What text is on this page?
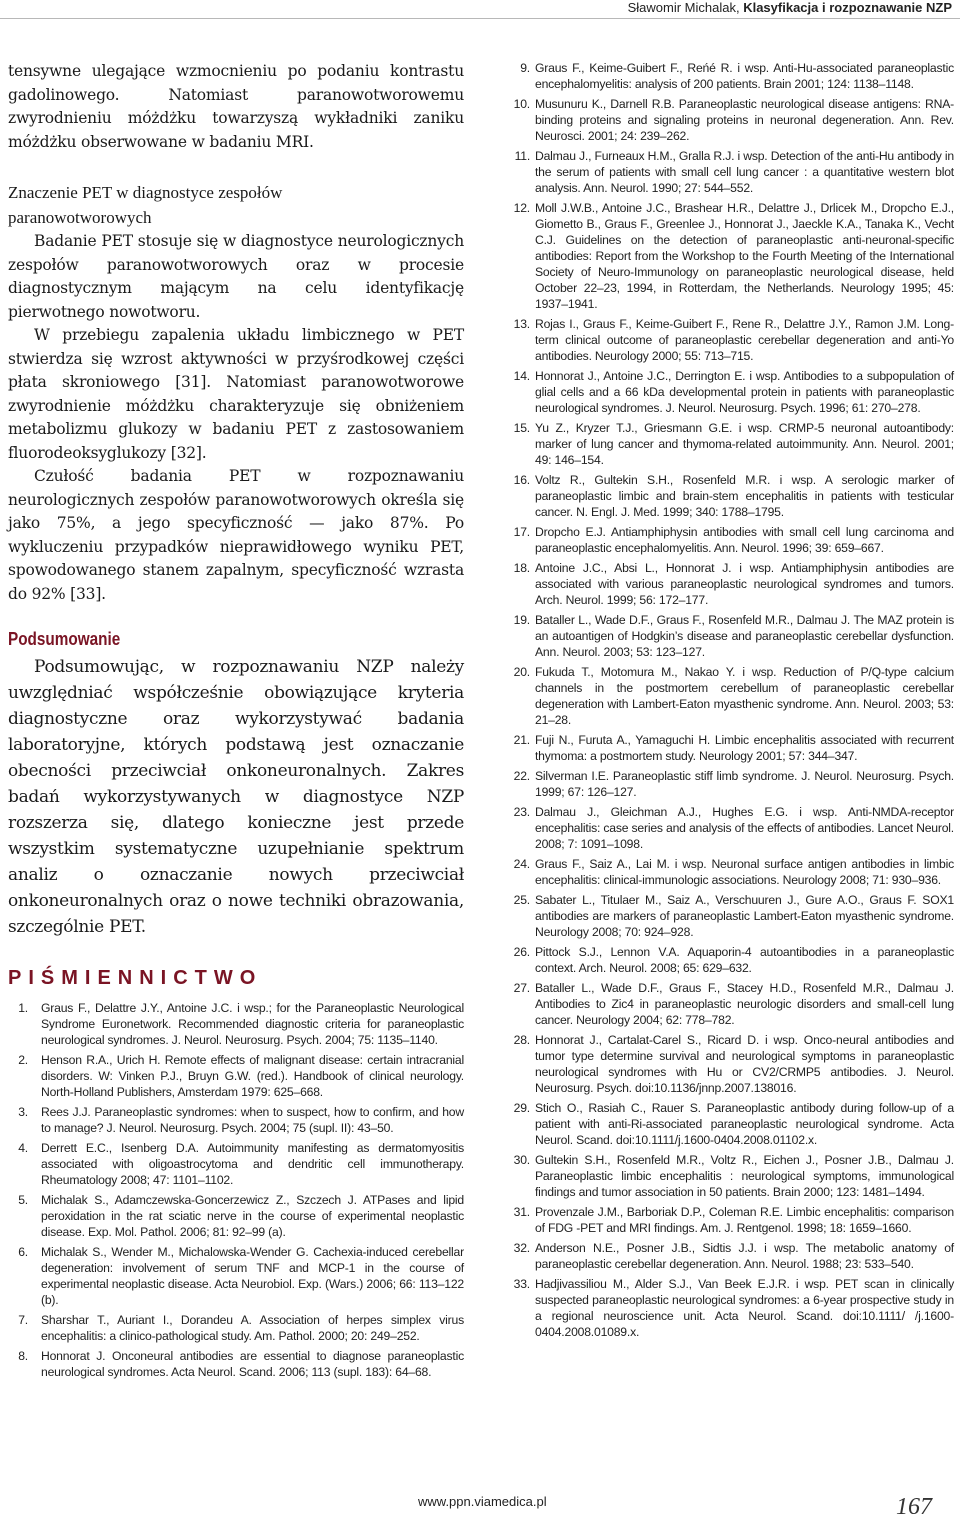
Sławomir Michalak, Klasyfikacja i rozpoznawanie NZP

tensywne ulegające wzmocnieniu po podaniu kontrastu gadolinowego. Natomiast paranowotworowemu zwyrodnieniu móżdżku towarzyszą wykładniki zaniku móżdżku obserwowane w badaniu MRI.

Znaczenie PET w diagnostyce zespołów

paranowotworowych

Badanie PET stosuje się w diagnostyce neurologicznych zespołów paranowotworowych oraz w procesie diagnostycznym mającym na celu identyfikację pierwotnego nowotworu.

W przebiegu zapalenia układu limbicznego w PET stwierdza się wzrost aktywności w przyśrodkowej części płata skroniowego [31]. Natomiast paranowotworowe zwyrodnienie móżdżku charakteryzuje się obniżeniem metabolizmu glukozy w badaniu PET z zastosowaniem fluorodeoksyglukozy [32].

Czułość badania PET w rozpoznawaniu neurologicznych zespołów paranowotworowych określa się jako 75%, a jego specyficzność — jako 87%. Po wykluczeniu przypadków nieprawidłowego wyniku PET, spowodowanego stanem zapalnym, specyficzność wzrasta do 92% [33].

Podsumowanie

Podsumowując, w rozpoznawaniu NZP należy uwzględniać współcześnie obowiązujące kryteria diagnostyczne oraz wykorzystywać badania laboratoryjne, których podstawą jest oznaczanie obecności przeciwciał onkoneuronalnych. Zakres badań wykorzystywanych w diagnostyce NZP rozszerza się, dlatego konieczne jest przede wszystkim systematyczne uzupełnianie spektrum analiz o oznaczanie nowych przeciwciał onkoneuronalnych oraz o nowe techniki obrazowania, szczególnie PET.

PIŚMIENNICTWO
1. Graus F., Delattre J.Y., Antoine J.C. i wsp.; for the Paraneoplastic Neurological Syndrome Euronetwork. Recommended diagnostic criteria for paraneoplastic neurological syndromes. J. Neurol. Neurosurg. Psych. 2004; 75: 1135–1140.
2. Henson R.A., Urich H. Remote effects of malignant disease: certain intracranial disorders. W: Vinken P.J., Bruyn G.W. (red.). Handbook of clinical neurology. North-Holland Publishers, Amsterdam 1979: 625–668.
3. Rees J.J. Paraneoplastic syndromes: when to suspect, how to confirm, and how to manage? J. Neurol. Neurosurg. Psych. 2004; 75 (supl. II): 43–50.
4. Derrett E.C., Isenberg D.A. Autoimmunity manifesting as dermatomyositis associated with oligoastrocytoma and dendritic cell immunotherapy. Rheumatology 2008; 47: 1101–1102.
5. Michalak S., Adamczewska-Goncerzewicz Z., Szczech J. ATPases and lipid peroxidation in the rat sciatic nerve in the course of experimental neoplastic disease. Exp. Mol. Pathol. 2006; 81: 92–99 (a).
6. Michalak S., Wender M., Michalowska-Wender G. Cachexia-induced cerebellar degeneration: involvement of serum TNF and MCP-1 in the course of experimental neoplastic disease. Acta Neurobiol. Exp. (Wars.) 2006; 66: 113–122 (b).
7. Sharshar T., Auriant I., Dorandeu A. Association of herpes simplex virus encephalitis: a clinico-pathological study. Am. Pathol. 2000; 20: 249–252.
8. Honnorat J. Onconeural antibodies are essential to diagnose paraneoplastic neurological syndromes. Acta Neurol. Scand. 2006; 113 (supl. 183): 64–68.
9. Graus F., Keime-Guibert F., Reńé R. i wsp. Anti-Hu-associated paraneoplastic encephalomyelitis: analysis of 200 patients. Brain 2001; 124: 1138–1148.
10. Musunuru K., Darnell R.B. Paraneoplastic neurological disease antigens: RNA-binding proteins and signaling proteins in neuronal degeneration. Ann. Rev. Neurosci. 2001; 24: 239–262.
11. Dalmau J., Furneaux H.M., Gralla R.J. i wsp. Detection of the anti-Hu antibody in the serum of patients with small cell lung cancer : a quantitative western blot analysis. Ann. Neurol. 1990; 27: 544–552.
12. Moll J.W.B., Antoine J.C., Brashear H.R., Delattre J., Drlicek M., Dropcho E.J., Giometto B., Graus F., Greenlee J., Honnorat J., Jaeckle K.A., Tanaka K., Vecht C.J. Guidelines on the detection of paraneoplastic anti-neuronal-specific antibodies: Report from the Workshop to the Fourth Meeting of the International Society of Neuro-Immunology on paraneoplastic neurological disease, held October 22–23, 1994, in Rotterdam, the Netherlands. Neurology 1995; 45: 1937–1941.
13. Rojas I., Graus F., Keime-Guibert F., Rene R., Delattre J.Y., Ramon J.M. Long-term clinical outcome of paraneoplastic cerebellar degeneration and anti-Yo antibodies. Neurology 2000; 55: 713–715.
14. Honnorat J., Antoine J.C., Derrington E. i wsp. Antibodies to a subpopulation of glial cells and a 66 kDa developmental protein in patients with paraneoplastic neurological syndromes. J. Neurol. Neurosurg. Psych. 1996; 61: 270–278.
15. Yu Z., Kryzer T.J., Griesmann G.E. i wsp. CRMP-5 neuronal autoantibody: marker of lung cancer and thymoma-related autoimmunity. Ann. Neurol. 2001; 49: 146–154.
16. Voltz R., Gultekin S.H., Rosenfeld M.R. i wsp. A serologic marker of paraneoplastic limbic and brain-stem encephalitis in patients with testicular cancer. N. Engl. J. Med. 1999; 340: 1788–1795.
17. Dropcho E.J. Antiamphiphysin antibodies with small cell lung carcinoma and paraneoplastic encephalomyelitis. Ann. Neurol. 1996; 39: 659–667.
18. Antoine J.C., Absi L., Honnorat J. i wsp. Antiamphiphysin antibodies are associated with various paraneoplastic neurological syndromes and tumors. Arch. Neurol. 1999; 56: 172–177.
19. Bataller L., Wade D.F., Graus F., Rosenfeld M.R., Dalmau J. The MAZ protein is an autoantigen of Hodgkin’s disease and paraneoplastic cerebellar dysfunction. Ann. Neurol. 2003; 53: 123–127.
20. Fukuda T., Motomura M., Nakao Y. i wsp. Reduction of P/Q-type calcium channels in the postmortem cerebellum of paraneoplastic cerebellar degeneration with Lambert-Eaton myasthenic syndrome. Ann. Neurol. 2003; 53: 21–28.
21. Fuji N., Furuta A., Yamaguchi H. Limbic encephalitis associated with recurrent thymoma: a postmortem study. Neurology 2001; 57: 344–347.
22. Silverman I.E. Paraneoplastic stiff limb syndrome. J. Neurol. Neurosurg. Psych. 1999; 67: 126–127.
23. Dalmau J., Gleichman A.J., Hughes E.G. i wsp. Anti-NMDA-receptor encephalitis: case series and analysis of the effects of antibodies. Lancet Neurol. 2008; 7: 1091–1098.
24. Graus F., Saiz A., Lai M. i wsp. Neuronal surface antigen antibodies in limbic encephalitis: clinical-immunologic associations. Neurology 2008; 71: 930–936.
25. Sabater L., Titulaer M., Saiz A., Verschuuren J., Gure A.O., Graus F. SOX1 antibodies are markers of paraneoplastic Lambert-Eaton myasthenic syndrome. Neurology 2008; 70: 924–928.
26. Pittock S.J., Lennon V.A. Aquaporin-4 autoantibodies in a paraneoplastic context. Arch. Neurol. 2008; 65: 629–632.
27. Bataller L., Wade D.F., Graus F., Stacey H.D., Rosenfeld M.R., Dalmau J. Antibodies to Zic4 in paraneoplastic neurologic disorders and small-cell lung cancer. Neurology 2004; 62: 778–782.
28. Honnorat J., Cartalat-Carel S., Ricard D. i wsp. Onco-neural antibodies and tumor type determine survival and neurological symptoms in paraneoplastic neurological syndromes with Hu or CV2/CRMP5 antibodies. J. Neurol. Neurosurg. Psych. doi:10.1136/jnnp.2007.138016.
29. Stich O., Rasiah C., Rauer S. Paraneoplastic antibody during follow-up of a patient with anti-Ri-associated paraneoplastic neurological syndrome. Acta Neurol. Scand. doi:10.1111/j.1600-0404.2008.01102.x.
30. Gultekin S.H., Rosenfeld M.R., Voltz R., Eichen J., Posner J.B., Dalmau J. Paraneoplastic limbic encephalitis : neurological symptoms, immunological findings and tumor association in 50 patients. Brain 2000; 123: 1481–1494.
31. Provenzale J.M., Barboriak D.P., Coleman R.E. Limbic encephalitis: comparison of FDG -PET and MRI findings. Am. J. Rentgenol. 1998; 18: 1659–1660.
32. Anderson N.E., Posner J.B., Sidtis J.J. i wsp. The metabolic anatomy of paraneoplastic cerebellar degeneration. Ann. Neurol. 1988; 23: 533–540.
33. Hadjivassiliou M., Alder S.J., Van Beek E.J.R. i wsp. PET scan in clinically suspected paraneoplastic neurological syndromes: a 6-year prospective study in a regional neuroscience unit. Acta Neurol. Scand. doi:10.1111/ /j.1600-0404.2008.01089.x.
www.ppn.viamedica.pl	167
